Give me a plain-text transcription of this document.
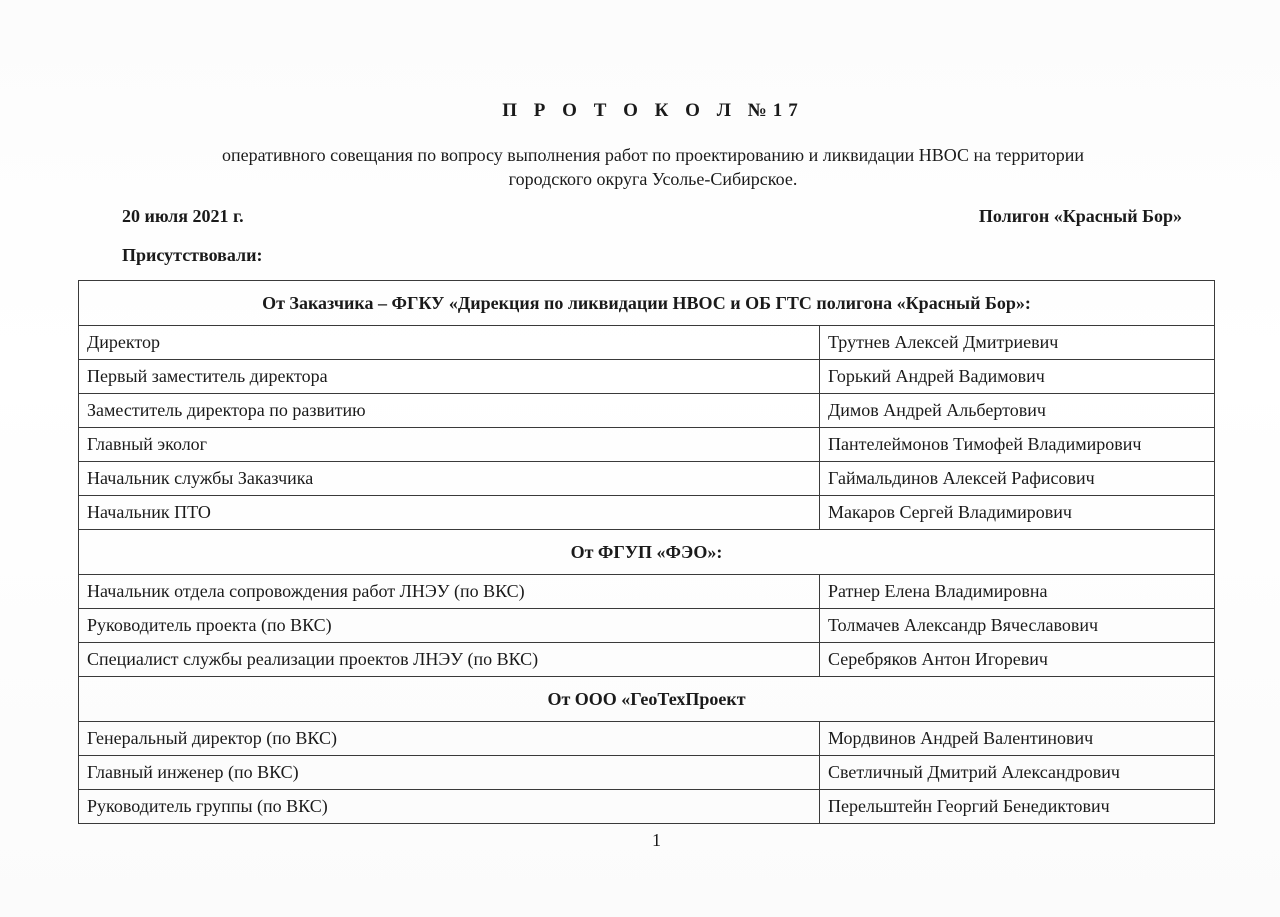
П Р О Т О К О Л №17
оперативного совещания по вопросу выполнения работ по проектированию и ликвидации НВОС на территории
городского округа Усолье-Сибирское.
20 июля 2021 г.	Полигон «Красный Бор»
Присутствовали:
От Заказчика – ФГКУ «Дирекция по ликвидации НВОС и ОБ ГТС полигона «Красный Бор»:	
Директор	Трутнев Алексей Дмитриевич
Первый заместитель директора	Горький Андрей Вадимович
Заместитель директора по развитию	Димов Андрей Альбертович
Главный эколог	Пантелеймонов Тимофей Владимирович
Начальник службы Заказчика	Гаймальдинов Алексей Рафисович
Начальник ПТО	Макаров Сергей Владимирович
От ФГУП «ФЭО»:	
Начальник отдела сопровождения работ ЛНЭУ (по ВКС)	Ратнер Елена Владимировна
Руководитель проекта (по ВКС)	Толмачев Александр Вячеславович
Специалист службы реализации проектов ЛНЭУ (по ВКС)	Серебряков Антон Игоревич
От ООО «ГеоТехПроект	
Генеральный директор (по ВКС)	Мордвинов Андрей Валентинович
Главный инженер (по ВКС)	Светличный Дмитрий Александрович
Руководитель группы (по ВКС)	Перельштейн Георгий Бенедиктович
1
